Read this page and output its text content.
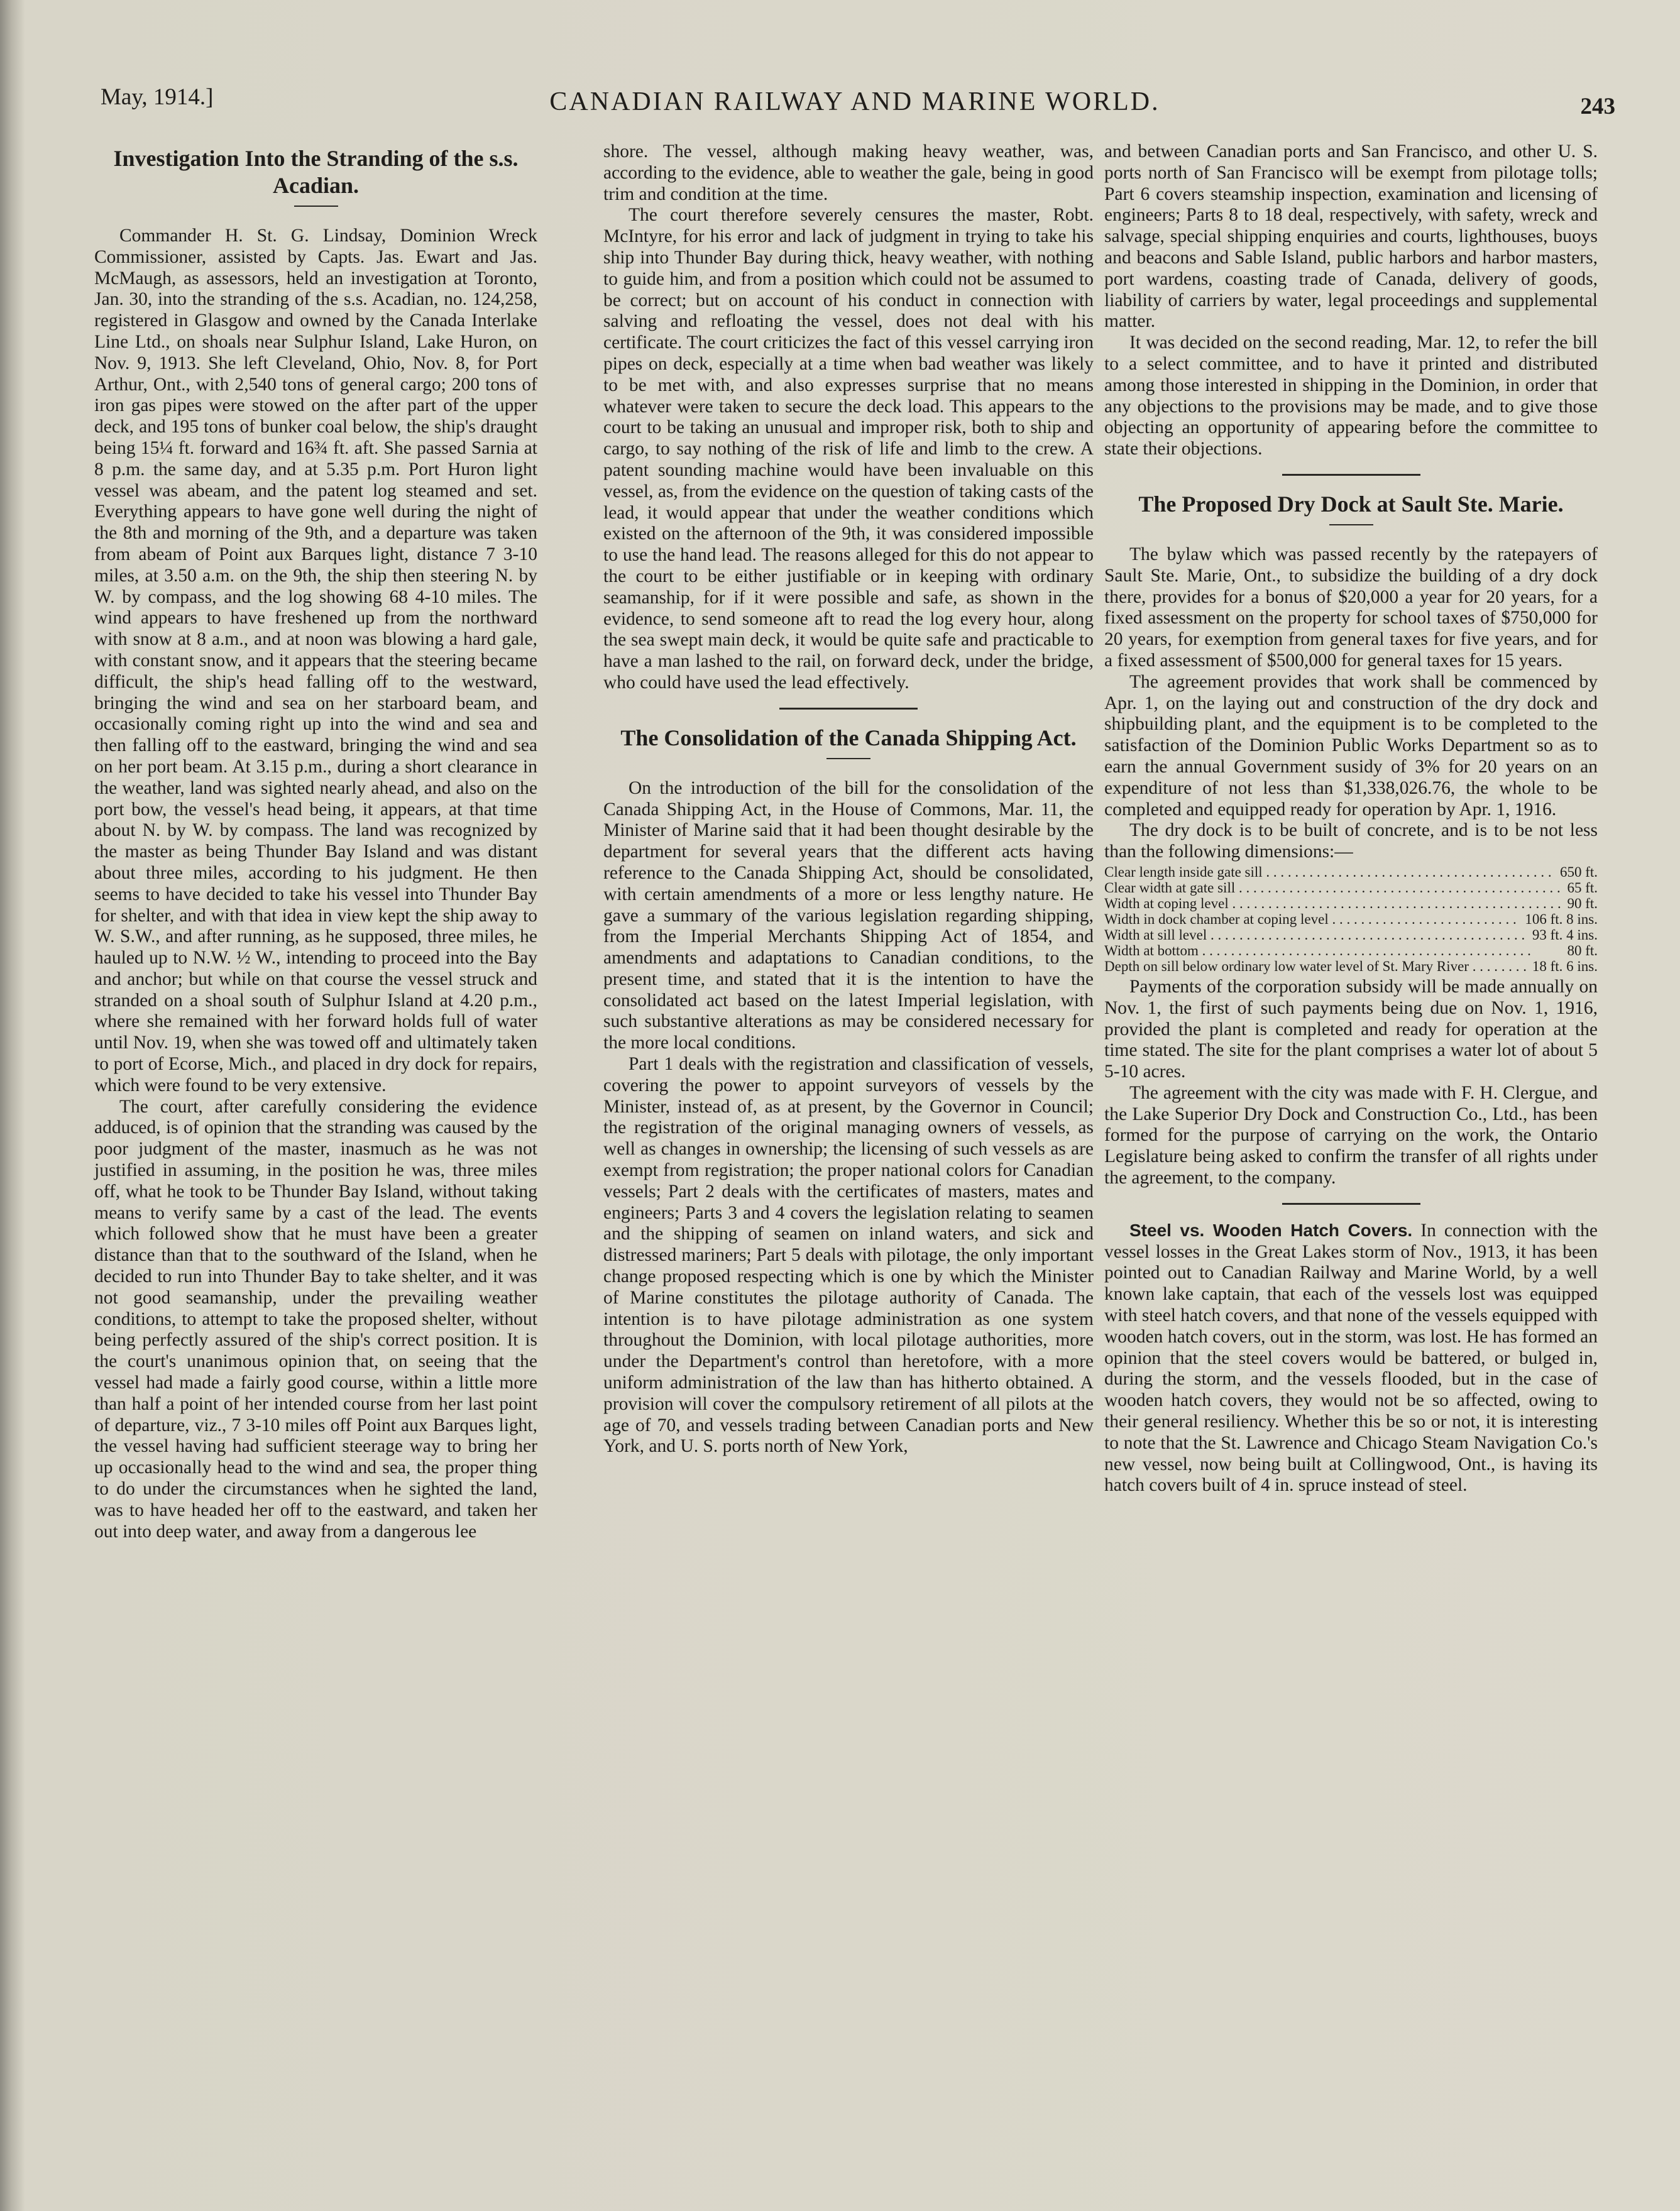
May, 1914.]	CANADIAN RAILWAY AND MARINE WORLD.	243
Investigation Into the Stranding of the s.s. Acadian.

Commander H. St. G. Lindsay, Dominion Wreck Commissioner, assisted by Capts. Jas. Ewart and Jas. McMaugh, as assessors, held an investigation at Toronto, Jan. 30, into the stranding of the s.s. Acadian, no. 124,258, registered in Glasgow and owned by the Canada Interlake Line Ltd., on shoals near Sulphur Island, Lake Huron, on Nov. 9, 1913. She left Cleveland, Ohio, Nov. 8, for Port Arthur, Ont., with 2,540 tons of general cargo; 200 tons of iron gas pipes were stowed on the after part of the upper deck, and 195 tons of bunker coal below, the ship's draught being 15¼ ft. forward and 16¾ ft. aft. She passed Sarnia at 8 p.m. the same day, and at 5.35 p.m. Port Huron light vessel was abeam, and the patent log steamed and set. Everything appears to have gone well during the night of the 8th and morning of the 9th, and a departure was taken from abeam of Point aux Barques light, distance 7 3-10 miles, at 3.50 a.m. on the 9th, the ship then steering N. by W. by compass, and the log showing 68 4-10 miles. The wind appears to have freshened up from the northward with snow at 8 a.m., and at noon was blowing a hard gale, with constant snow, and it appears that the steering became difficult, the ship's head falling off to the westward, bringing the wind and sea on her starboard beam, and occasionally coming right up into the wind and sea and then falling off to the eastward, bringing the wind and sea on her port beam. At 3.15 p.m., during a short clearance in the weather, land was sighted nearly ahead, and also on the port bow, the vessel's head being, it appears, at that time about N. by W. by compass. The land was recognized by the master as being Thunder Bay Island and was distant about three miles, according to his judgment. He then seems to have decided to take his vessel into Thunder Bay for shelter, and with that idea in view kept the ship away to W. S.W., and after running, as he supposed, three miles, he hauled up to N.W. ½ W., intending to proceed into the Bay and anchor; but while on that course the vessel struck and stranded on a shoal south of Sulphur Island at 4.20 p.m., where she remained with her forward holds full of water until Nov. 19, when she was towed off and ultimately taken to port of Ecorse, Mich., and placed in dry dock for repairs, which were found to be very extensive.

The court, after carefully considering the evidence adduced, is of opinion that the stranding was caused by the poor judgment of the master, inasmuch as he was not justified in assuming, in the position he was, three miles off, what he took to be Thunder Bay Island, without taking means to verify same by a cast of the lead. The events which followed show that he must have been a greater distance than that to the southward of the Island, when he decided to run into Thunder Bay to take shelter, and it was not good seamanship, under the prevailing weather conditions, to attempt to take the proposed shelter, without being perfectly assured of the ship's correct position. It is the court's unanimous opinion that, on seeing that the vessel had made a fairly good course, within a little more than half a point of her intended course from her last point of departure, viz., 7 3-10 miles off Point aux Barques light, the vessel having had sufficient steerage way to bring her up occasionally head to the wind and sea, the proper thing to do under the circumstances when he sighted the land, was to have headed her off to the eastward, and taken her out into deep water, and away from a dangerous lee

shore. The vessel, although making heavy weather, was, according to the evidence, able to weather the gale, being in good trim and condition at the time.

The court therefore severely censures the master, Robt. McIntyre, for his error and lack of judgment in trying to take his ship into Thunder Bay during thick, heavy weather, with nothing to guide him, and from a position which could not be assumed to be correct; but on account of his conduct in connection with salving and refloating the vessel, does not deal with his certificate. The court criticizes the fact of this vessel carrying iron pipes on deck, especially at a time when bad weather was likely to be met with, and also expresses surprise that no means whatever were taken to secure the deck load. This appears to the court to be taking an unusual and improper risk, both to ship and cargo, to say nothing of the risk of life and limb to the crew. A patent sounding machine would have been invaluable on this vessel, as, from the evidence on the question of taking casts of the lead, it would appear that under the weather conditions which existed on the afternoon of the 9th, it was considered impossible to use the hand lead. The reasons alleged for this do not appear to the court to be either justifiable or in keeping with ordinary seamanship, for if it were possible and safe, as shown in the evidence, to send someone aft to read the log every hour, along the sea swept main deck, it would be quite safe and practicable to have a man lashed to the rail, on forward deck, under the bridge, who could have used the lead effectively.

The Consolidation of the Canada Shipping Act.

On the introduction of the bill for the consolidation of the Canada Shipping Act, in the House of Commons, Mar. 11, the Minister of Marine said that it had been thought desirable by the department for several years that the different acts having reference to the Canada Shipping Act, should be consolidated, with certain amendments of a more or less lengthy nature. He gave a summary of the various legislation regarding shipping, from the Imperial Merchants Shipping Act of 1854, and amendments and adaptations to Canadian conditions, to the present time, and stated that it is the intention to have the consolidated act based on the latest Imperial legislation, with such substantive alterations as may be considered necessary for the more local conditions.

Part 1 deals with the registration and classification of vessels, covering the power to appoint surveyors of vessels by the Minister, instead of, as at present, by the Governor in Council; the registration of the original managing owners of vessels, as well as changes in ownership; the licensing of such vessels as are exempt from registration; the proper national colors for Canadian vessels; Part 2 deals with the certificates of masters, mates and engineers; Parts 3 and 4 covers the legislation relating to seamen and the shipping of seamen on inland waters, and sick and distressed mariners; Part 5 deals with pilotage, the only important change proposed respecting which is one by which the Minister of Marine constitutes the pilotage authority of Canada. The intention is to have pilotage administration as one system throughout the Dominion, with local pilotage authorities, more under the Department's control than heretofore, with a more uniform administration of the law than has hitherto obtained. A provision will cover the compulsory retirement of all pilots at the age of 70, and vessels trading between Canadian ports and New York, and U. S. ports north of New York,

and between Canadian ports and San Francisco, and other U. S. ports north of San Francisco will be exempt from pilotage tolls; Part 6 covers steamship inspection, examination and licensing of engineers; Parts 8 to 18 deal, respectively, with safety, wreck and salvage, special shipping enquiries and courts, lighthouses, buoys and beacons and Sable Island, public harbors and harbor masters, port wardens, coasting trade of Canada, delivery of goods, liability of carriers by water, legal proceedings and supplemental matter.

It was decided on the second reading, Mar. 12, to refer the bill to a select committee, and to have it printed and distributed among those interested in shipping in the Dominion, in order that any objections to the provisions may be made, and to give those objecting an opportunity of appearing before the committee to state their objections.

The Proposed Dry Dock at Sault Ste. Marie.

The bylaw which was passed recently by the ratepayers of Sault Ste. Marie, Ont., to subsidize the building of a dry dock there, provides for a bonus of $20,000 a year for 20 years, for a fixed assessment on the property for school taxes of $750,000 for 20 years, for exemption from general taxes for five years, and for a fixed assessment of $500,000 for general taxes for 15 years.

The agreement provides that work shall be commenced by Apr. 1, on the laying out and construction of the dry dock and shipbuilding plant, and the equipment is to be completed to the satisfaction of the Dominion Public Works Department so as to earn the annual Government susidy of 3% for 20 years on an expenditure of not less than $1,338,026.76, the whole to be completed and equipped ready for operation by Apr. 1, 1916.

The dry dock is to be built of concrete, and is to be not less than the following dimensions:—

Clear length inside gate sill . . .	650 ft.
Clear width at gate sill . . .	65 ft.
Width at coping level . . .	90 ft.
Width in dock chamber at coping level . . .	106 ft. 8 ins.
Width at sill level . . .	93 ft. 4 ins.
Width at bottom . . .	80 ft.
Depth on sill below ordinary low water level of St. Mary River . . .	18 ft. 6 ins.

Payments of the corporation subsidy will be made annually on Nov. 1, the first of such payments being due on Nov. 1, 1916, provided the plant is completed and ready for operation at the time stated. The site for the plant comprises a water lot of about 5 5-10 acres.

The agreement with the city was made with F. H. Clergue, and the Lake Superior Dry Dock and Construction Co., Ltd., has been formed for the purpose of carrying on the work, the Ontario Legislature being asked to confirm the transfer of all rights under the agreement, to the company.

Steel vs. Wooden Hatch Covers. In connection with the vessel losses in the Great Lakes storm of Nov., 1913, it has been pointed out to Canadian Railway and Marine World, by a well known lake captain, that each of the vessels lost was equipped with steel hatch covers, and that none of the vessels equipped with wooden hatch covers, out in the storm, was lost. He has formed an opinion that the steel covers would be battered, or bulged in, during the storm, and the vessels flooded, but in the case of wooden hatch covers, they would not be so affected, owing to their general resiliency. Whether this be so or not, it is interesting to note that the St. Lawrence and Chicago Steam Navigation Co.'s new vessel, now being built at Collingwood, Ont., is having its hatch covers built of 4 in. spruce instead of steel.
